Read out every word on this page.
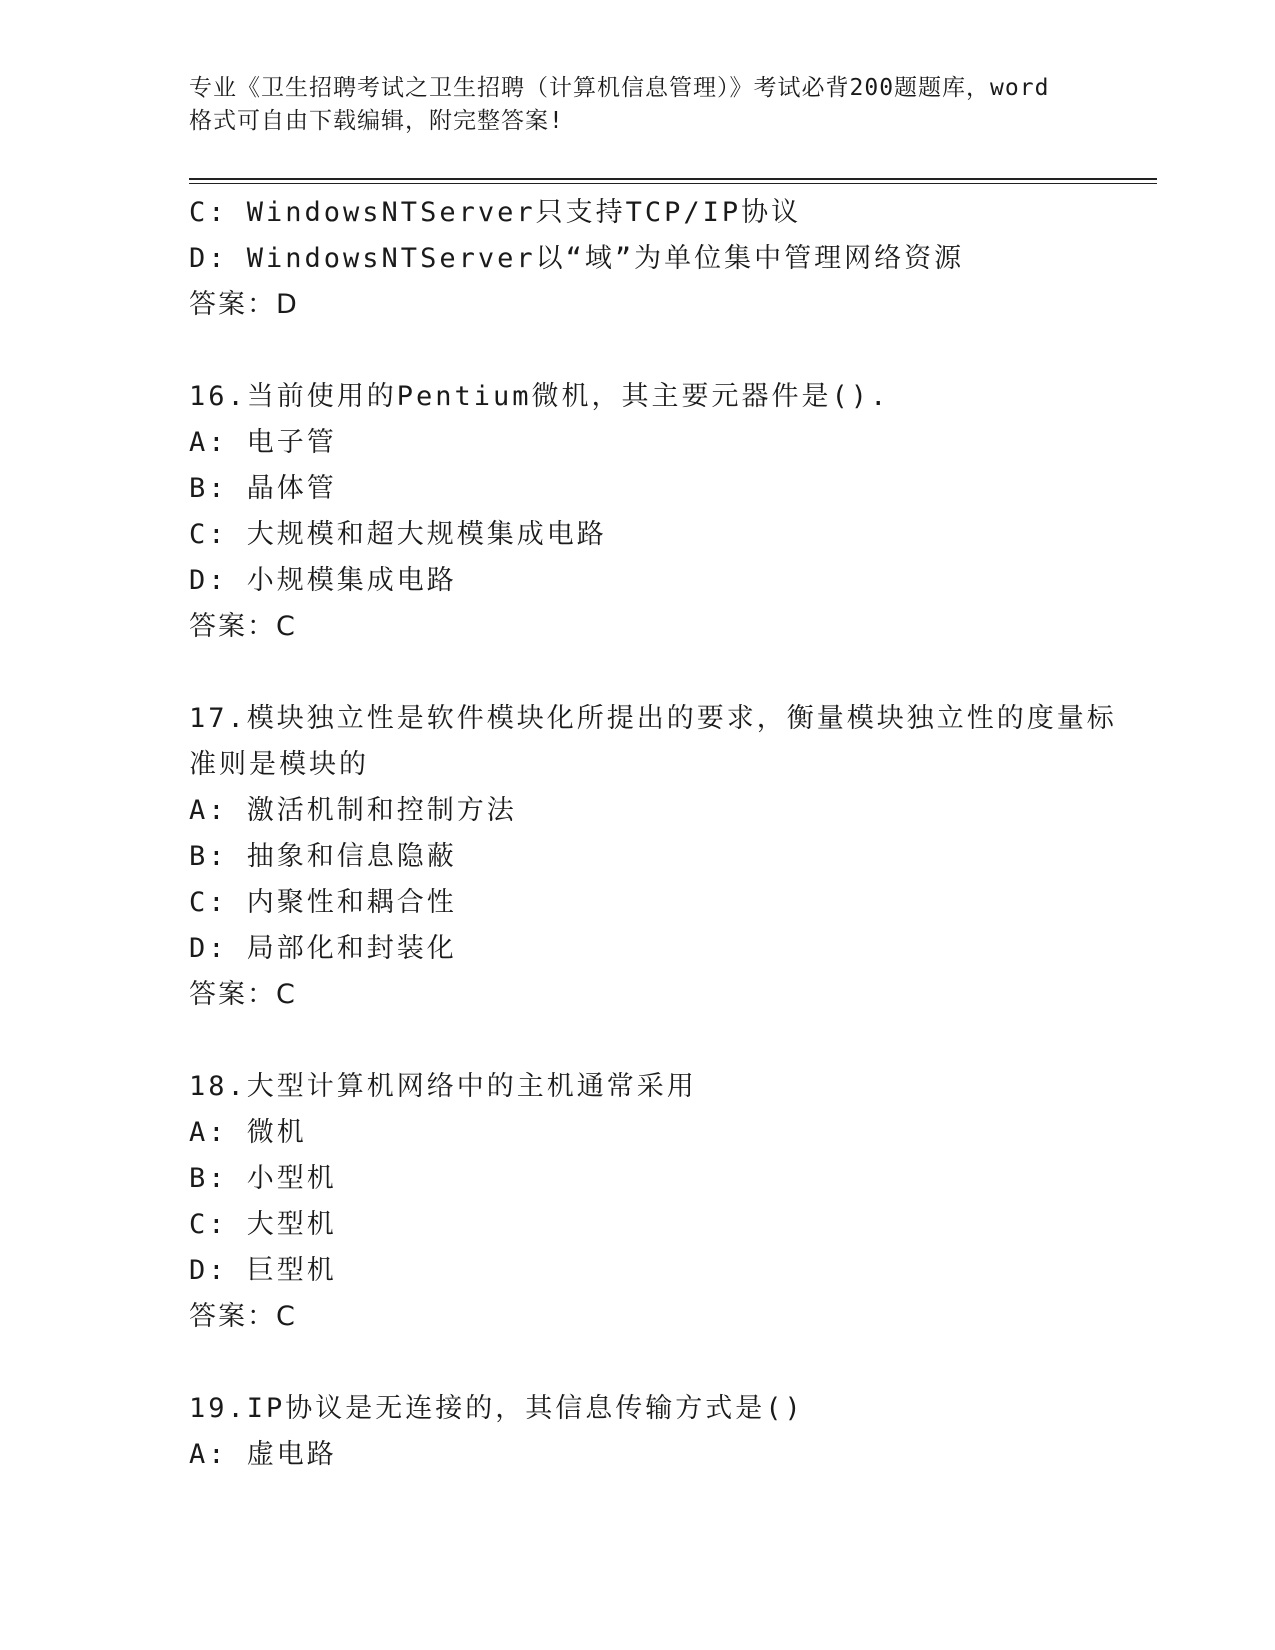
专业《卫生招聘考试之卫生招聘（计算机信息管理）》考试必背200题题库，word
格式可自由下载编辑，附完整答案!
C: WindowsNTServer只支持TCP/IP协议
D: WindowsNTServer以“域”为单位集中管理网络资源
答案：D
16.当前使用的Pentium微机，其主要元器件是().
A: 电子管
B: 晶体管
C: 大规模和超大规模集成电路
D: 小规模集成电路
答案：C
17.模块独立性是软件模块化所提出的要求，衡量模块独立性的度量标
准则是模块的
A: 激活机制和控制方法
B: 抽象和信息隐蔽
C: 内聚性和耦合性
D: 局部化和封装化
答案：C
18.大型计算机网络中的主机通常采用
A: 微机
B: 小型机
C: 大型机
D: 巨型机
答案：C
19.IP协议是无连接的，其信息传输方式是()
A: 虚电路
